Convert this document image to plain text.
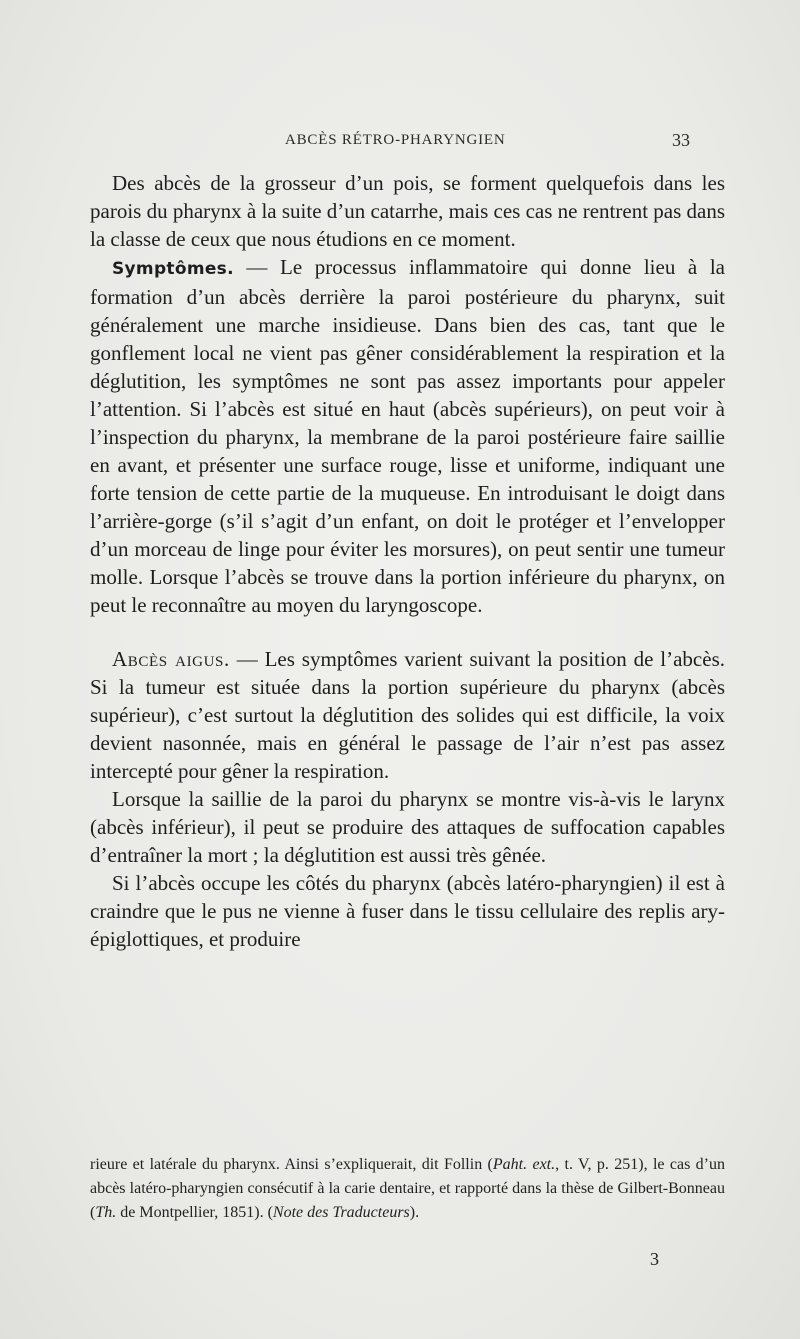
ABCÈS RÉTRO-PHARYNGIEN	33

Des abcès de la grosseur d’un pois, se forment quelquefois dans les parois du pharynx à la suite d’un catarrhe, mais ces cas ne rentrent pas dans la classe de ceux que nous étudions en ce moment.

Symptômes. — Le processus inflammatoire qui donne lieu à la formation d’un abcès derrière la paroi postérieure du pharynx, suit généralement une marche insidieuse. Dans bien des cas, tant que le gonflement local ne vient pas gêner considérablement la respiration et la déglutition, les symptômes ne sont pas assez importants pour appeler l’attention. Si l’abcès est situé en haut (abcès supérieurs), on peut voir à l’inspection du pharynx, la membrane de la paroi postérieure faire saillie en avant, et présenter une surface rouge, lisse et uniforme, indiquant une forte tension de cette partie de la muqueuse. En introduisant le doigt dans l’arrière-gorge (s’il s’agit d’un enfant, on doit le protéger et l’envelopper d’un morceau de linge pour éviter les morsures), on peut sentir une tumeur molle. Lorsque l’abcès se trouve dans la portion inférieure du pharynx, on peut le reconnaître au moyen du laryngoscope.

Abcès aigus. — Les symptômes varient suivant la position de l’abcès. Si la tumeur est située dans la portion supérieure du pharynx (abcès supérieur), c’est surtout la déglutition des solides qui est difficile, la voix devient nasonnée, mais en général le passage de l’air n’est pas assez intercepté pour gêner la respiration.

Lorsque la saillie de la paroi du pharynx se montre vis-à-vis le larynx (abcès inférieur), il peut se produire des attaques de suffocation capables d’entraîner la mort ; la déglutition est aussi très gênée.

Si l’abcès occupe les côtés du pharynx (abcès latéro-pharyngien) il est à craindre que le pus ne vienne à fuser dans le tissu cellulaire des replis ary-épiglottiques, et produire

rieure et latérale du pharynx. Ainsi s’expliquerait, dit Follin (Paht. ext., t. V, p. 251), le cas d’un abcès latéro-pharyngien consécutif à la carie dentaire, et rapporté dans la thèse de Gilbert-Bonneau (Th. de Montpellier, 1851). (Note des Traducteurs).

3
